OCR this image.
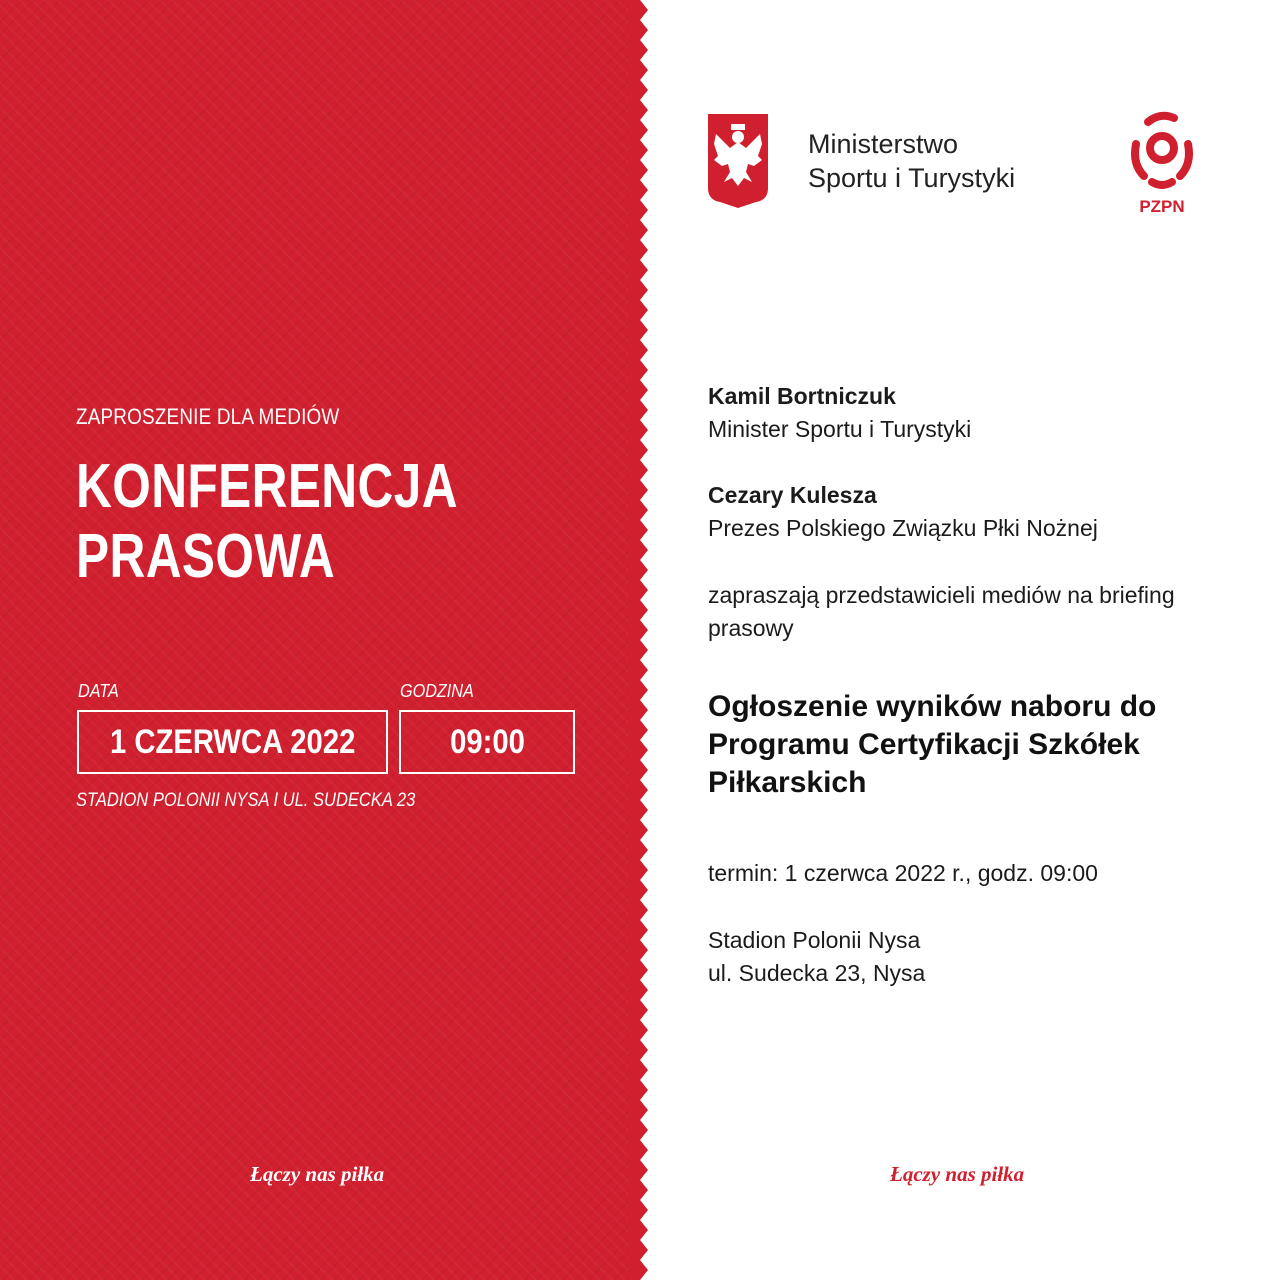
ZAPROSZENIE DLA MEDIÓW
KONFERENCJA
PRASOWA
DATA	GODZINA
1 CZERWCA 2022	09:00
STADION POLONII NYSA I UL. SUDECKA 23
Łączy nas piłka
Ministerstwo
Sportu i Turystyki
PZPN
Kamil Bortniczuk
Minister Sportu i Turystyki
Cezary Kulesza
Prezes Polskiego Związku Płki Nożnej
zapraszają przedstawicieli mediów na briefing
prasowy
Ogłoszenie wyników naboru do
Programu Certyfikacji Szkółek
Piłkarskich
termin: 1 czerwca 2022 r., godz. 09:00
Stadion Polonii Nysa
ul. Sudecka 23, Nysa
Łączy nas piłka
